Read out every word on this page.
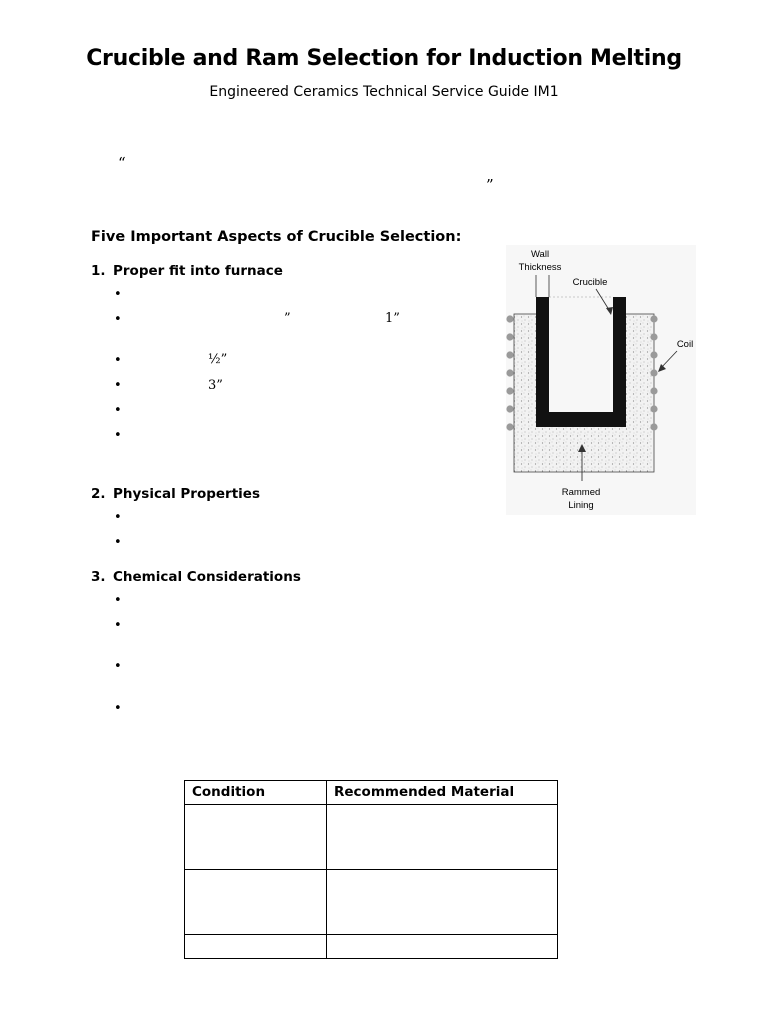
Crucible and Ram Selection for Induction Melting
Engineered Ceramics Technical Service Guide IM1
“
”
Five Important Aspects of Crucible Selection:
1. Proper fit into furnace
•
•	”	1”
•	½”
•	3”
•
•
2. Physical Properties
•
•
3. Chemical Considerations
•
•
•
•
Wall
Thickness
Crucible
Coil
Rammed
Lining
Condition	Recommended Material
